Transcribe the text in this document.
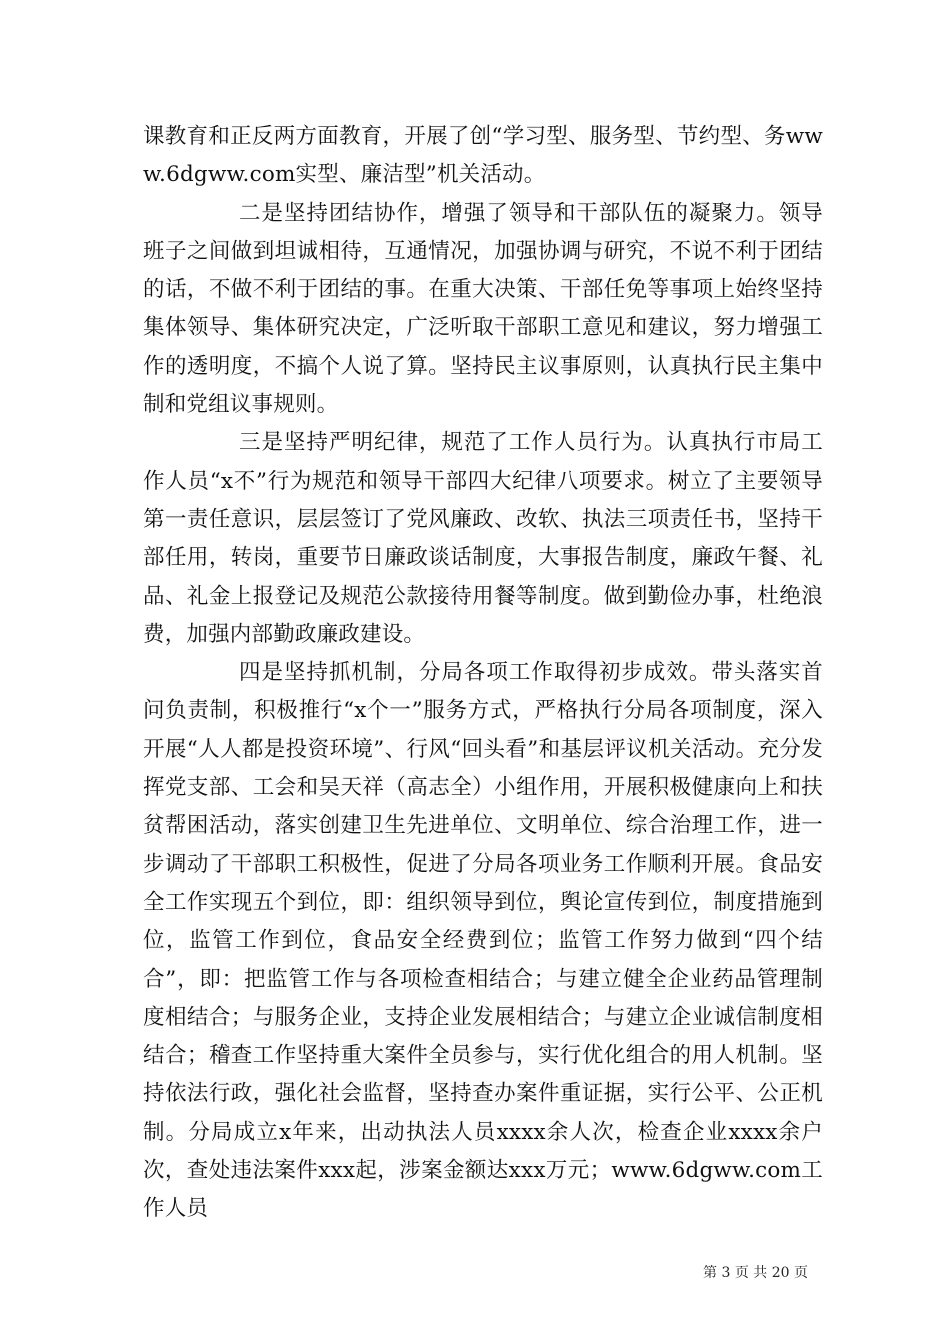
课教育和正反两方面教育，开展了创“学习型、服务型、节约型、务www.6dgww.com实型、廉洁型”机关活动。

二是坚持团结协作，增强了领导和干部队伍的凝聚力。领导班子之间做到坦诚相待，互通情况，加强协调与研究，不说不利于团结的话，不做不利于团结的事。在重大决策、干部任免等事项上始终坚持集体领导、集体研究决定，广泛听取干部职工意见和建议，努力增强工作的透明度，不搞个人说了算。坚持民主议事原则，认真执行民主集中制和党组议事规则。

三是坚持严明纪律，规范了工作人员行为。认真执行市局工作人员“x不”行为规范和领导干部四大纪律八项要求。树立了主要领导第一责任意识，层层签订了党风廉政、改软、执法三项责任书，坚持干部任用，转岗，重要节日廉政谈话制度，大事报告制度，廉政午餐、礼品、礼金上报登记及规范公款接待用餐等制度。做到勤俭办事，杜绝浪费，加强内部勤政廉政建设。

四是坚持抓机制，分局各项工作取得初步成效。带头落实首问负责制，积极推行“x个一”服务方式，严格执行分局各项制度，深入开展“人人都是投资环境”、行风“回头看”和基层评议机关活动。充分发挥党支部、工会和吴天祥（高志全）小组作用，开展积极健康向上和扶贫帮困活动，落实创建卫生先进单位、文明单位、综合治理工作，进一步调动了干部职工积极性，促进了分局各项业务工作顺利开展。食品安全工作实现五个到位，即：组织领导到位，舆论宣传到位，制度措施到位，监管工作到位，食品安全经费到位；监管工作努力做到“四个结合”，即：把监管工作与各项检查相结合；与建立健全企业药品管理制度相结合；与服务企业，支持企业发展相结合；与建立企业诚信制度相结合；稽查工作坚持重大案件全员参与，实行优化组合的用人机制。坚持依法行政，强化社会监督，坚持查办案件重证据，实行公平、公正机制。分局成立x年来，出动执法人员xxxx余人次，检查企业xxxx余户次，查处违法案件xxx起，涉案金额达xxx万元；www.6dgww.com工作人员

第 3 页 共 20 页
